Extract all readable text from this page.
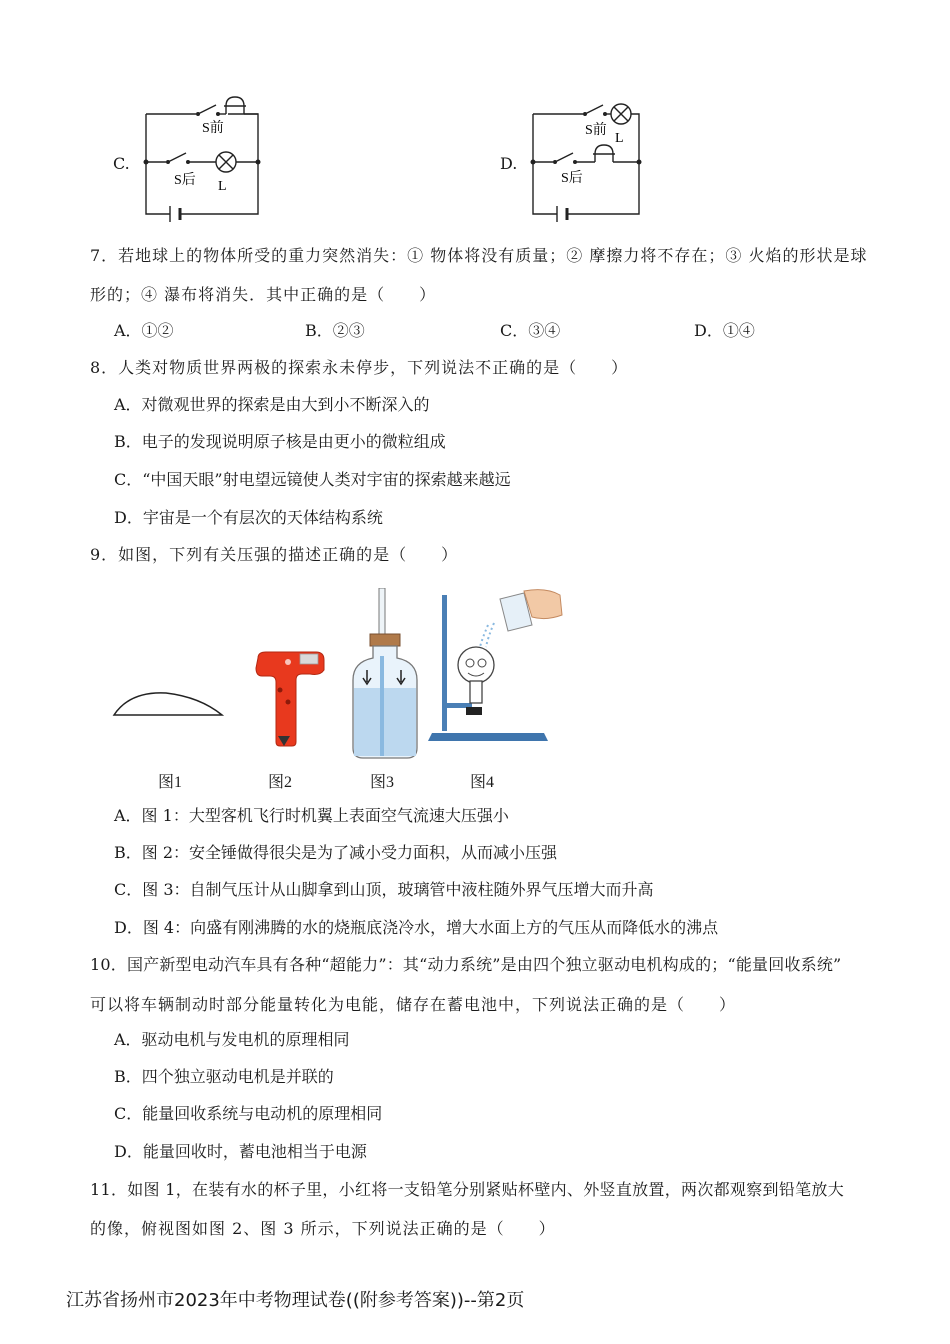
C.
S前
S后 L
D.
S前
L
S后
7．若地球上的物体所受的重力突然消失：① 物体将没有质量；② 摩擦力将不存在；③ 火焰的形状是球
形的；④ 瀑布将消失．其中正确的是（　　）
A．①②	B．②③	C．③④	D．①④
8．人类对物质世界两极的探索永未停步，下列说法不正确的是（　　）
A．对微观世界的探索是由大到小不断深入的
B．电子的发现说明原子核是由更小的微粒组成
C．“中国天眼”射电望远镜使人类对宇宙的探索越来越远
D．宇宙是一个有层次的天体结构系统
9．如图，下列有关压强的描述正确的是（　　）
图1	图2	图3	图4
A．图 1：大型客机飞行时机翼上表面空气流速大压强小
B．图 2：安全锤做得很尖是为了减小受力面积，从而减小压强
C．图 3：自制气压计从山脚拿到山顶，玻璃管中液柱随外界气压增大而升高
D．图 4：向盛有刚沸腾的水的烧瓶底浇冷水，增大水面上方的气压从而降低水的沸点
10．国产新型电动汽车具有各种“超能力”：其“动力系统”是由四个独立驱动电机构成的；“能量回收系统”
可以将车辆制动时部分能量转化为电能，储存在蓄电池中，下列说法正确的是（　　）
A．驱动电机与发电机的原理相同
B．四个独立驱动电机是并联的
C．能量回收系统与电动机的原理相同
D．能量回收时，蓄电池相当于电源
11．如图 1，在装有水的杯子里，小红将一支铅笔分别紧贴杯壁内、外竖直放置，两次都观察到铅笔放大
的像，俯视图如图 2、图 3 所示，下列说法正确的是（　　）
江苏省扬州市2023年中考物理试卷((附参考答案))--第2页
